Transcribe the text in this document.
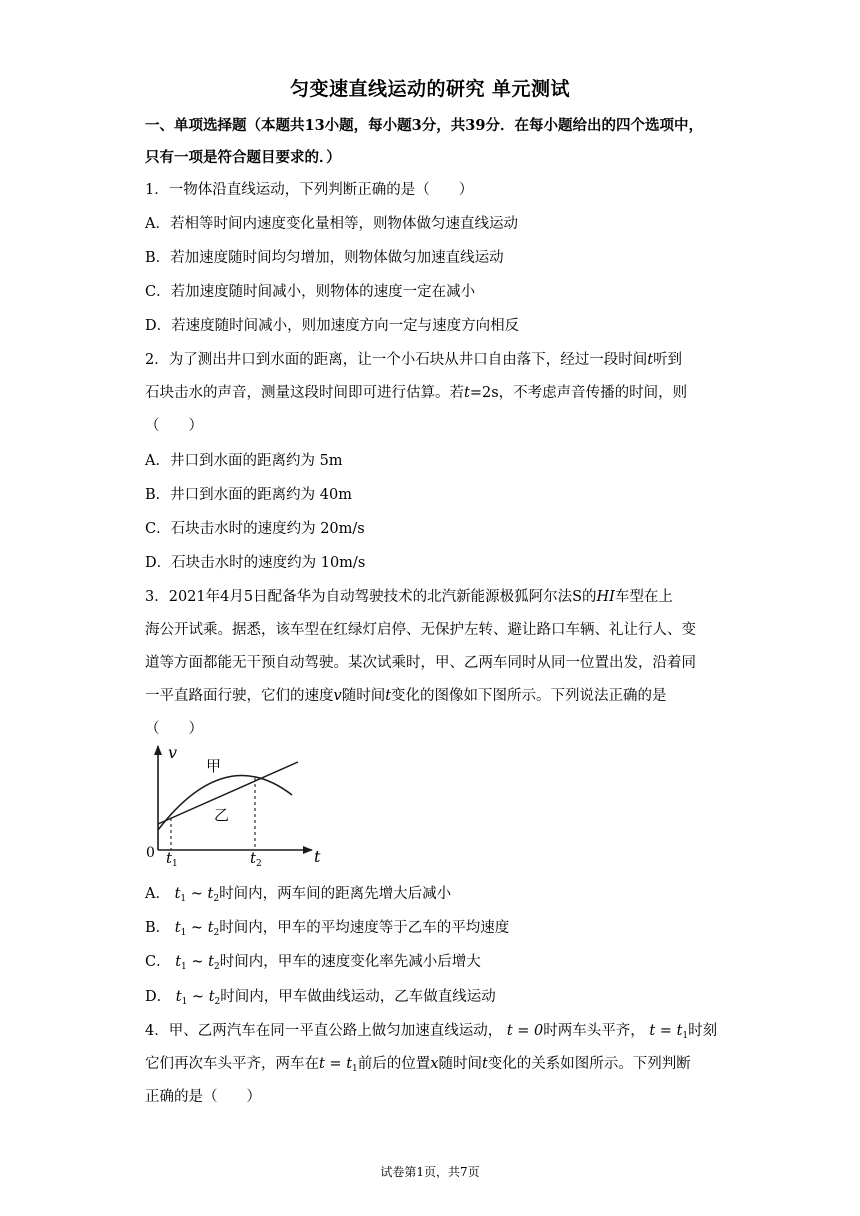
匀变速直线运动的研究 单元测试
一、单项选择题（本题共13小题，每小题3分，共39分．在每小题给出的四个选项中，
只有一项是符合题目要求的．）
1．一物体沿直线运动，下列判断正确的是（　　）
A．若相等时间内速度变化量相等，则物体做匀速直线运动
B．若加速度随时间均匀增加，则物体做匀加速直线运动
C．若加速度随时间减小，则物体的速度一定在减小
D．若速度随时间减小，则加速度方向一定与速度方向相反
2．为了测出井口到水面的距离，让一个小石块从井口自由落下，经过一段时间t听到
石块击水的声音，测量这段时间即可进行估算。若t=2s，不考虑声音传播的时间，则
（　　）
A．井口到水面的距离约为 5m
B．井口到水面的距离约为 40m
C．石块击水时的速度约为 20m/s
D．石块击水时的速度约为 10m/s
3．2021年4月5日配备华为自动驾驶技术的北汽新能源极狐阿尔法S的HI车型在上
海公开试乘。据悉，该车型在红绿灯启停、无保护左转、避让路口车辆、礼让行人、变
道等方面都能无干预自动驾驶。某次试乘时，甲、乙两车同时从同一位置出发，沿着同
一平直路面行驶，它们的速度v随时间t变化的图像如下图所示。下列说法正确的是
（　　）
v
t
0
甲
乙
t 1	t 2
A． $t_1$ ~ $t_2$时间内，两车间的距离先增大后减小
B． $t_1$ ~ $t_2$时间内，甲车的平均速度等于乙车的平均速度
C． $t_1$ ~ $t_2$时间内，甲车的速度变化率先减小后增大
D． $t_1$ ~ $t_2$时间内，甲车做曲线运动，乙车做直线运动
4．甲、乙两汽车在同一平直公路上做匀加速直线运动， t = 0时两车头平齐， $t = t_1$时刻
它们再次车头平齐，两车在$t = t_1$前后的位置x随时间t变化的关系如图所示。下列判断
正确的是（　　）
试卷第1页，共7页
